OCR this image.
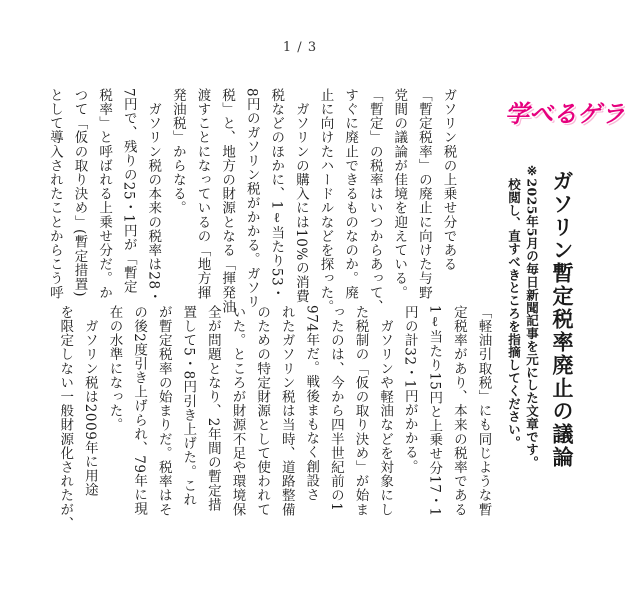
1 / 3
学べるゲラ
ガソリン暫定税率廃止の議論
※2025年5月の毎日新聞記事を元にした文章です。
校閲し、直すべきところを指摘してください。
ガソリン税の上乗せ分である
「暫定税率」の廃止に向けた与野
党間の議論が佳境を迎えている。
「暫定」の税率はいつからあって、
すぐに廃止できるものなのか。廃
止に向けたハードルなどを探った。
　ガソリンの購入には10%の消費
税などのほかに、1ℓ当たり53・
8円のガソリン税がかかる。ガソリ
税」と、地方の財源となる「揮発油
渡すことになっているの「地方揮
発油税」からなる。
　ガソリン税の本来の税率は28・
7円で、残りの25・1円が「暫定
税率」と呼ばれる上乗せ分だ。か
つて「仮の取り決め」(暫定措置)
として導入されたことからこう呼
「軽油引取税」にも同じような暫
定税率があり、本来の税率である
1ℓ当たり15円と上乗せ分17・1
円の計32・1円がかかる。
　ガソリンや軽油などを対象にし
た税制の「仮の取り決め」が始ま
ったのは、今から四半世紀前の1
974年だ。戦後まもなく創設さ
れたガソリン税は当時、道路整備
のための特定財源として使われて
いた。ところが財源不足や環境保
全が問題となり、2年間の暫定措
置して5・8円引き上げた。これ
が暫定税率の始まりだ。税率はそ
の後2度引き上げられ、79年に現
在の水準になった。
　ガソリン税は2009年に用途
を限定しない一般財源化されたが、
